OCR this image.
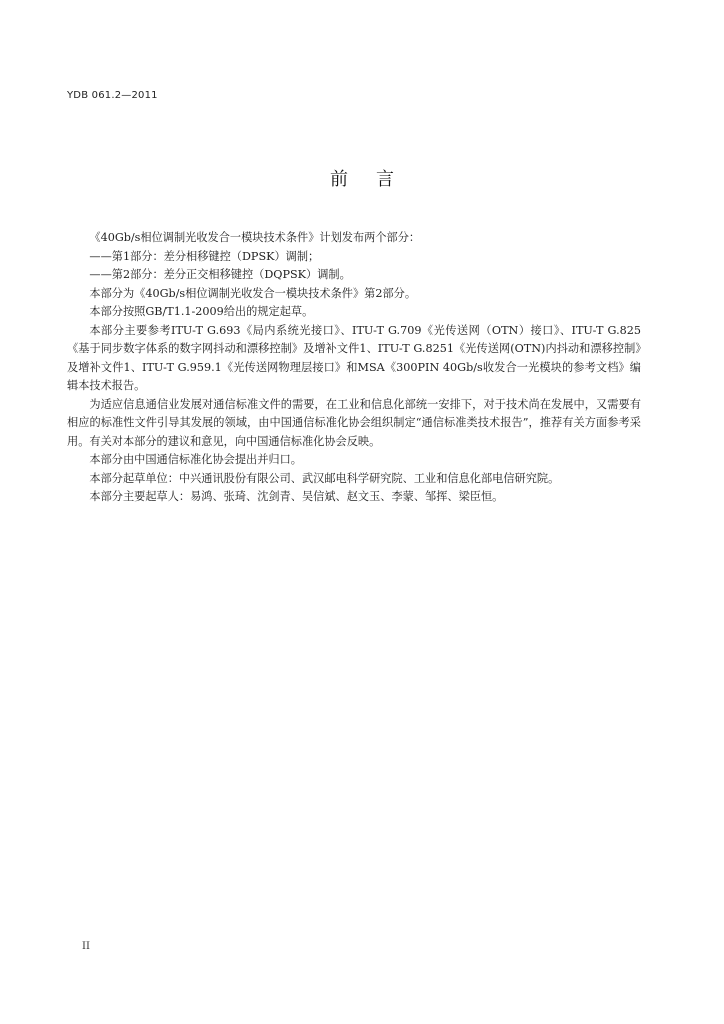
YDB 061.2—2011
前言

《40Gb/s相位调制光收发合一模块技术条件》计划发布两个部分：

——第1部分：差分相移键控（DPSK）调制；

——第2部分：差分正交相移键控（DQPSK）调制。

本部分为《40Gb/s相位调制光收发合一模块技术条件》第2部分。

本部分按照GB/T1.1-2009给出的规定起草。

本部分主要参考ITU-T G.693《局内系统光接口》、ITU-T G.709《光传送网（OTN）接口》、ITU-T G.825《基于同步数字体系的数字网抖动和漂移控制》及增补文件1、ITU-T G.8251《光传送网(OTN)内抖动和漂移控制》及增补文件1、ITU-T G.959.1《光传送网物理层接口》和MSA《300PIN 40Gb/s收发合一光模块的参考文档》编辑本技术报告。

为适应信息通信业发展对通信标准文件的需要，在工业和信息化部统一安排下，对于技术尚在发展中，又需要有相应的标准性文件引导其发展的领域，由中国通信标准化协会组织制定“通信标准类技术报告”，推荐有关方面参考采用。有关对本部分的建议和意见，向中国通信标准化协会反映。

本部分由中国通信标准化协会提出并归口。

本部分起草单位：中兴通讯股份有限公司、武汉邮电科学研究院、工业和信息化部电信研究院。

本部分主要起草人：易鸿、张琦、沈剑青、吴信斌、赵文玉、李蒙、邹挥、梁臣恒。

II
